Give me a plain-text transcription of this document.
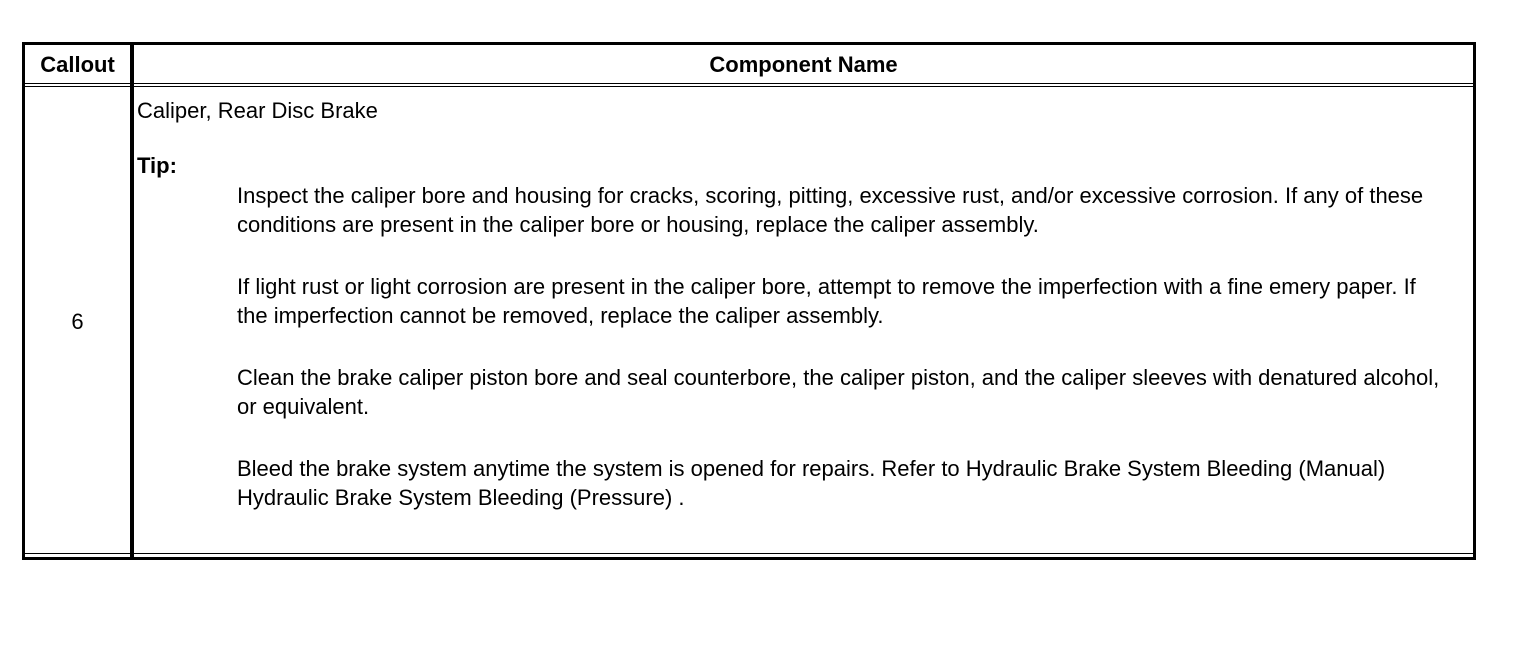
Callout	Component Name
6
Caliper, Rear Disc Brake
Tip:

Inspect the caliper bore and housing for cracks, scoring, pitting, excessive rust, and/or excessive corrosion. If any of these conditions are present in the caliper bore or housing, replace the caliper assembly.

If light rust or light corrosion are present in the caliper bore, attempt to remove the imperfection with a fine emery paper. If the imperfection cannot be removed, replace the caliper assembly.

Clean the brake caliper piston bore and seal counterbore, the caliper piston, and the caliper sleeves with denatured alcohol, or equivalent.

Bleed the brake system anytime the system is opened for repairs. Refer to Hydraulic Brake System Bleeding (Manual) Hydraulic Brake System Bleeding (Pressure) .
